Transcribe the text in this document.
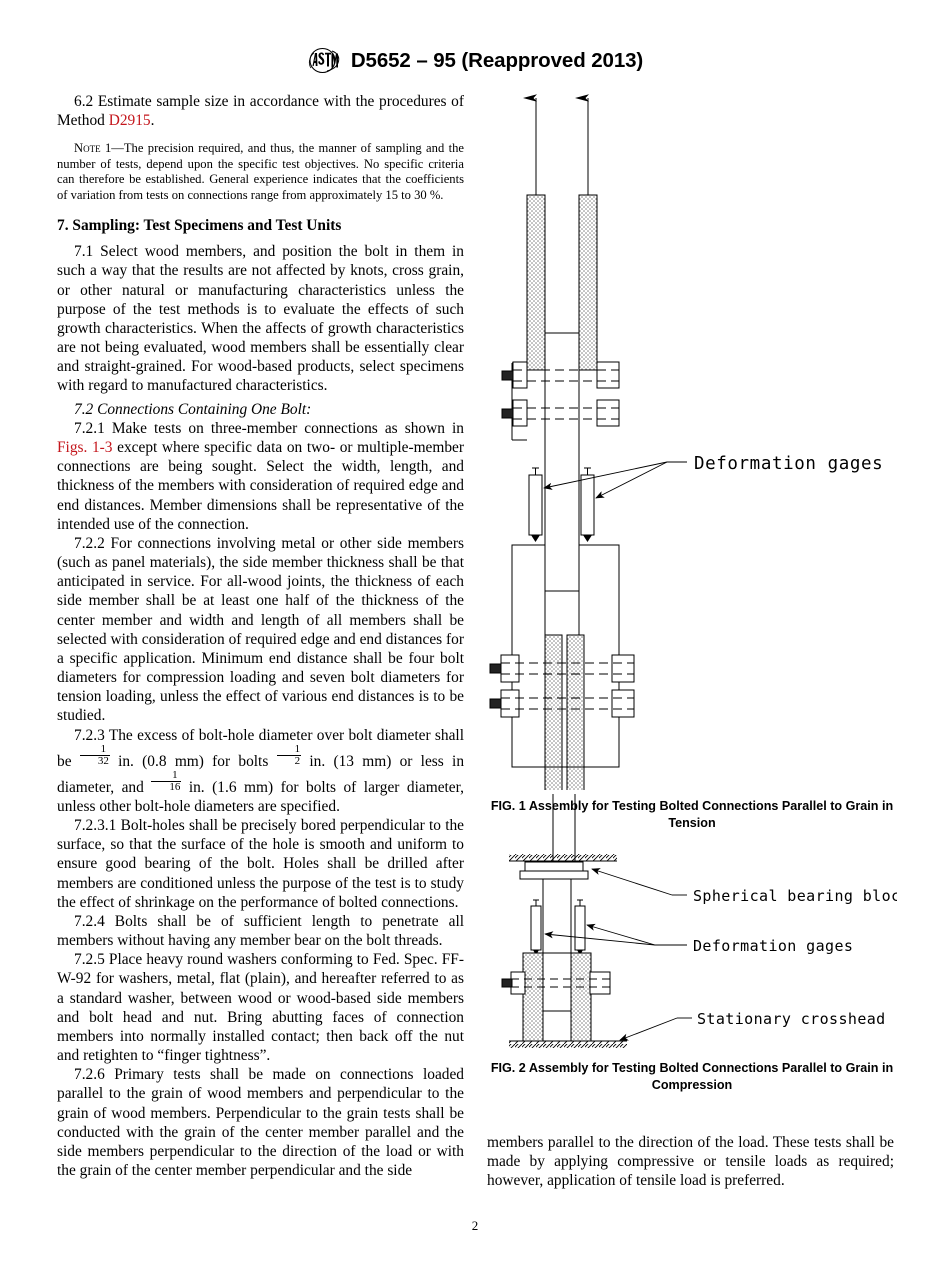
D5652 – 95 (Reapproved 2013)

6.2 Estimate sample size in accordance with the procedures of Method D2915.

Note 1—The precision required, and thus, the manner of sampling and the number of tests, depend upon the specific test objectives. No specific criteria can therefore be established. General experience indicates that the coefficients of variation from tests on connections range from approximately 15 to 30 %.

7. Sampling: Test Specimens and Test Units

7.1 Select wood members, and position the bolt in them in such a way that the results are not affected by knots, cross grain, or other natural or manufacturing characteristics unless the purpose of the test methods is to evaluate the effects of such growth characteristics. When the affects of growth characteristics are not being evaluated, wood members shall be essentially clear and straight-grained. For wood-based products, select specimens with regard to manufactured characteristics.

7.2 Connections Containing One Bolt:

7.2.1 Make tests on three-member connections as shown in Figs. 1-3 except where specific data on two- or multiple-member connections are being sought. Select the width, length, and thickness of the members with consideration of required edge and end distances. Member dimensions shall be representative of the intended use of the connection.

7.2.2 For connections involving metal or other side members (such as panel materials), the side member thickness shall be that anticipated in service. For all-wood joints, the thickness of each side member shall be at least one half of the thickness of the center member and width and length of all members shall be selected with consideration of required edge and end distances for a specific application. Minimum end distance shall be four bolt diameters for compression loading and seven bolt diameters for tension loading, unless the effect of various end distances is to be studied.

7.2.3 The excess of bolt-hole diameter over bolt diameter shall be $\frac{1}{32}$ in. (0.8 mm) for bolts $\frac{1}{2}$ in. (13 mm) or less in diameter, and $\frac{1}{16}$ in. (1.6 mm) for bolts of larger diameter, unless other bolt-hole diameters are specified.

7.2.3.1 Bolt-holes shall be precisely bored perpendicular to the surface, so that the surface of the hole is smooth and uniform to ensure good bearing of the bolt. Holes shall be drilled after members are conditioned unless the purpose of the test is to study the effect of shrinkage on the performance of bolted connections.

7.2.4 Bolts shall be of sufficient length to penetrate all members without having any member bear on the bolt threads.

7.2.5 Place heavy round washers conforming to Fed. Spec. FF-W-92 for washers, metal, flat (plain), and hereafter referred to as a standard washer, between wood or wood-based side members and bolt head and nut. Bring abutting faces of connection members into normally installed contact; then back off the nut and retighten to “finger tightness”.

7.2.6 Primary tests shall be made on connections loaded parallel to the grain of wood members and perpendicular to the grain of wood members. Perpendicular to the grain tests shall be conducted with the grain of the center member parallel and the side members perpendicular to the direction of the load or with the grain of the center member perpendicular and the side

Deformation gages
FIG. 1 Assembly for Testing Bolted Connections Parallel to Grain in Tension
Spherical bearing block
Deformation gages
Stationary crosshead
FIG. 2 Assembly for Testing Bolted Connections Parallel to Grain in Compression

members parallel to the direction of the load. These tests shall be made by applying compressive or tensile loads as required; however, application of tensile load is preferred.

2
